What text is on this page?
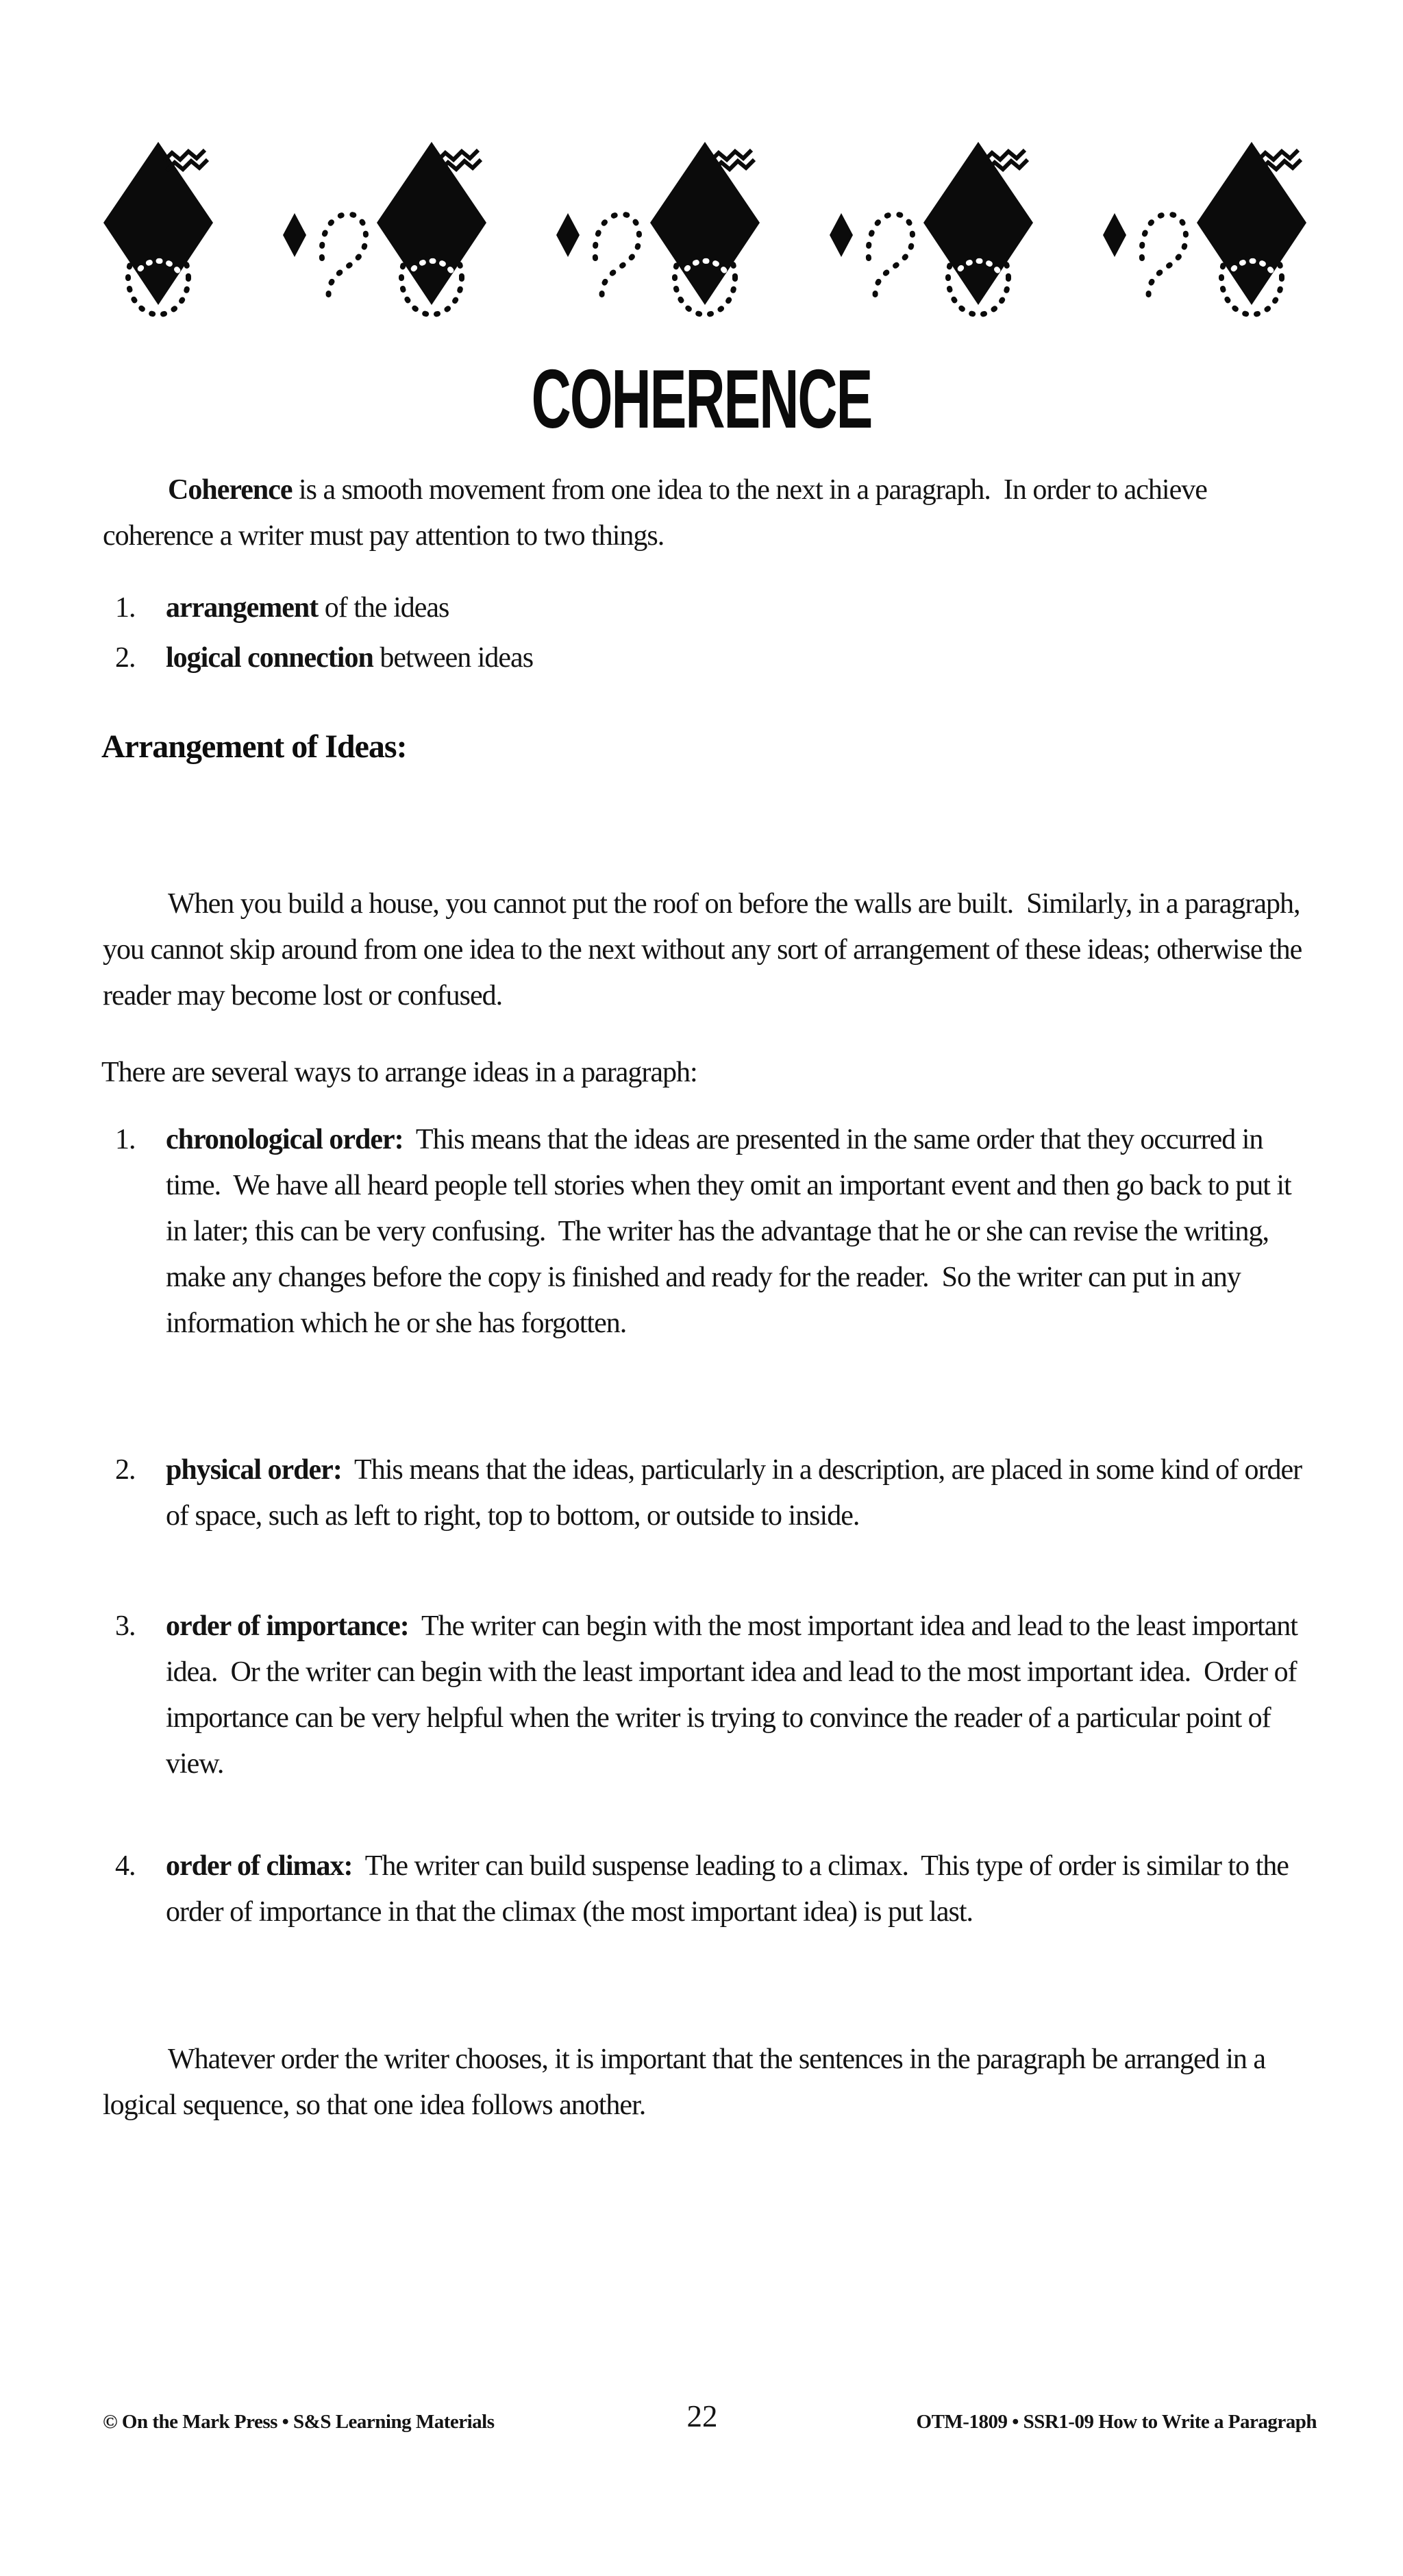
COHERENCE

Coherence is a smooth movement from one idea to the next in a paragraph.  In order to achieve coherence a writer must pay attention to two things.

1.	arrangement of the ideas
2.	logical connection between ideas
Arrangement of Ideas:

When you build a house, you cannot put the roof on before the walls are built.  Similarly, in a paragraph, you cannot skip around from one idea to the next without any sort of arrangement of these ideas; otherwise the reader may become lost or confused.

There are several ways to arrange ideas in a paragraph:

1.	chronological order:  This means that the ideas are presented in the same order that they occurred in time.  We have all heard people tell stories when they omit an important event and then go back to put it in later; this can be very confusing.  The writer has the advantage that he or she can revise the writing, make any changes before the copy is finished and ready for the reader.  So the writer can put in any information which he or she has forgotten.
2.	physical order:  This means that the ideas, particularly in a description, are placed in some kind of order of space, such as left to right, top to bottom, or outside to inside.
3.	order of importance:  The writer can begin with the most important idea and lead to the least important idea.  Or the writer can begin with the least important idea and lead to the most important idea.  Order of importance can be very helpful when the writer is trying to convince the reader of a particular point of view.
4.	order of climax:  The writer can build suspense leading to a climax.  This type of order is similar to the order of importance in that the climax (the most important idea) is put last.

Whatever order the writer chooses, it is important that the sentences in the paragraph be arranged in a logical sequence, so that one idea follows another.

© On the Mark Press • S&S Learning Materials	22	OTM-1809 • SSR1-09 How to Write a Paragraph
